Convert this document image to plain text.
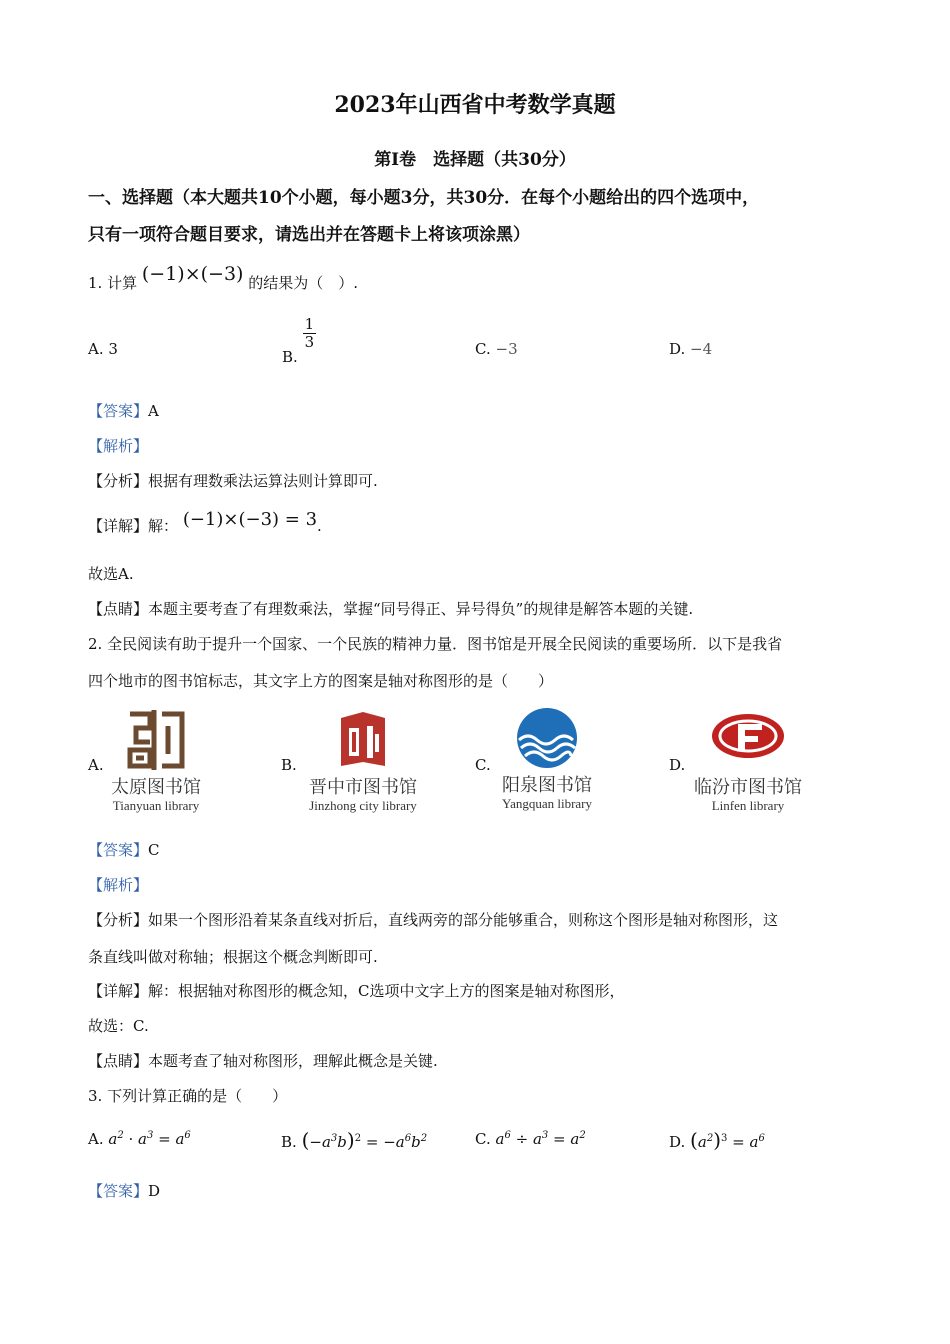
2023年山西省中考数学真题
第Ⅰ卷　选择题（共30分）
一、选择题（本大题共10个小题，每小题3分，共30分．在每个小题给出的四个选项中，
只有一项符合题目要求，请选出并在答题卡上将该项涂黑）
1. 计算 (−1)×(−3) 的结果为（　）.
A. 3	B.
$\frac{1}{3}$	C. −3	D. −4
【答案】A
【解析】
【分析】根据有理数乘法运算法则计算即可.
【详解】解： (−1)×(−3) = 3.
故选A.
【点睛】本题主要考查了有理数乘法，掌握“同号得正、异号得负”的规律是解答本题的关键.
2. 全民阅读有助于提升一个国家、一个民族的精神力量．图书馆是开展全民阅读的重要场所．以下是我省
四个地市的图书馆标志，其文字上方的图案是轴对称图形的是（　　）
A.
太原图书馆
Tianyuan library
B.
晋中市图书馆
Jinzhong city library
C.
阳泉图书馆
Yangquan library
D.
临汾市图书馆
Linfen library
【答案】C
【解析】
【分析】如果一个图形沿着某条直线对折后，直线两旁的部分能够重合，则称这个图形是轴对称图形，这
条直线叫做对称轴；根据这个概念判断即可.
【详解】解：根据轴对称图形的概念知，C选项中文字上方的图案是轴对称图形，
故选：C.
【点睛】本题考查了轴对称图形，理解此概念是关键.
3. 下列计算正确的是（　　）
A. $a^2 \cdot a^3 = a^6$	B. $(-a^3b)^2 = -a^6b^2$	C. $a^6 \div a^3 = a^2$	D. $(a^2)^3 = a^6$
【答案】D
